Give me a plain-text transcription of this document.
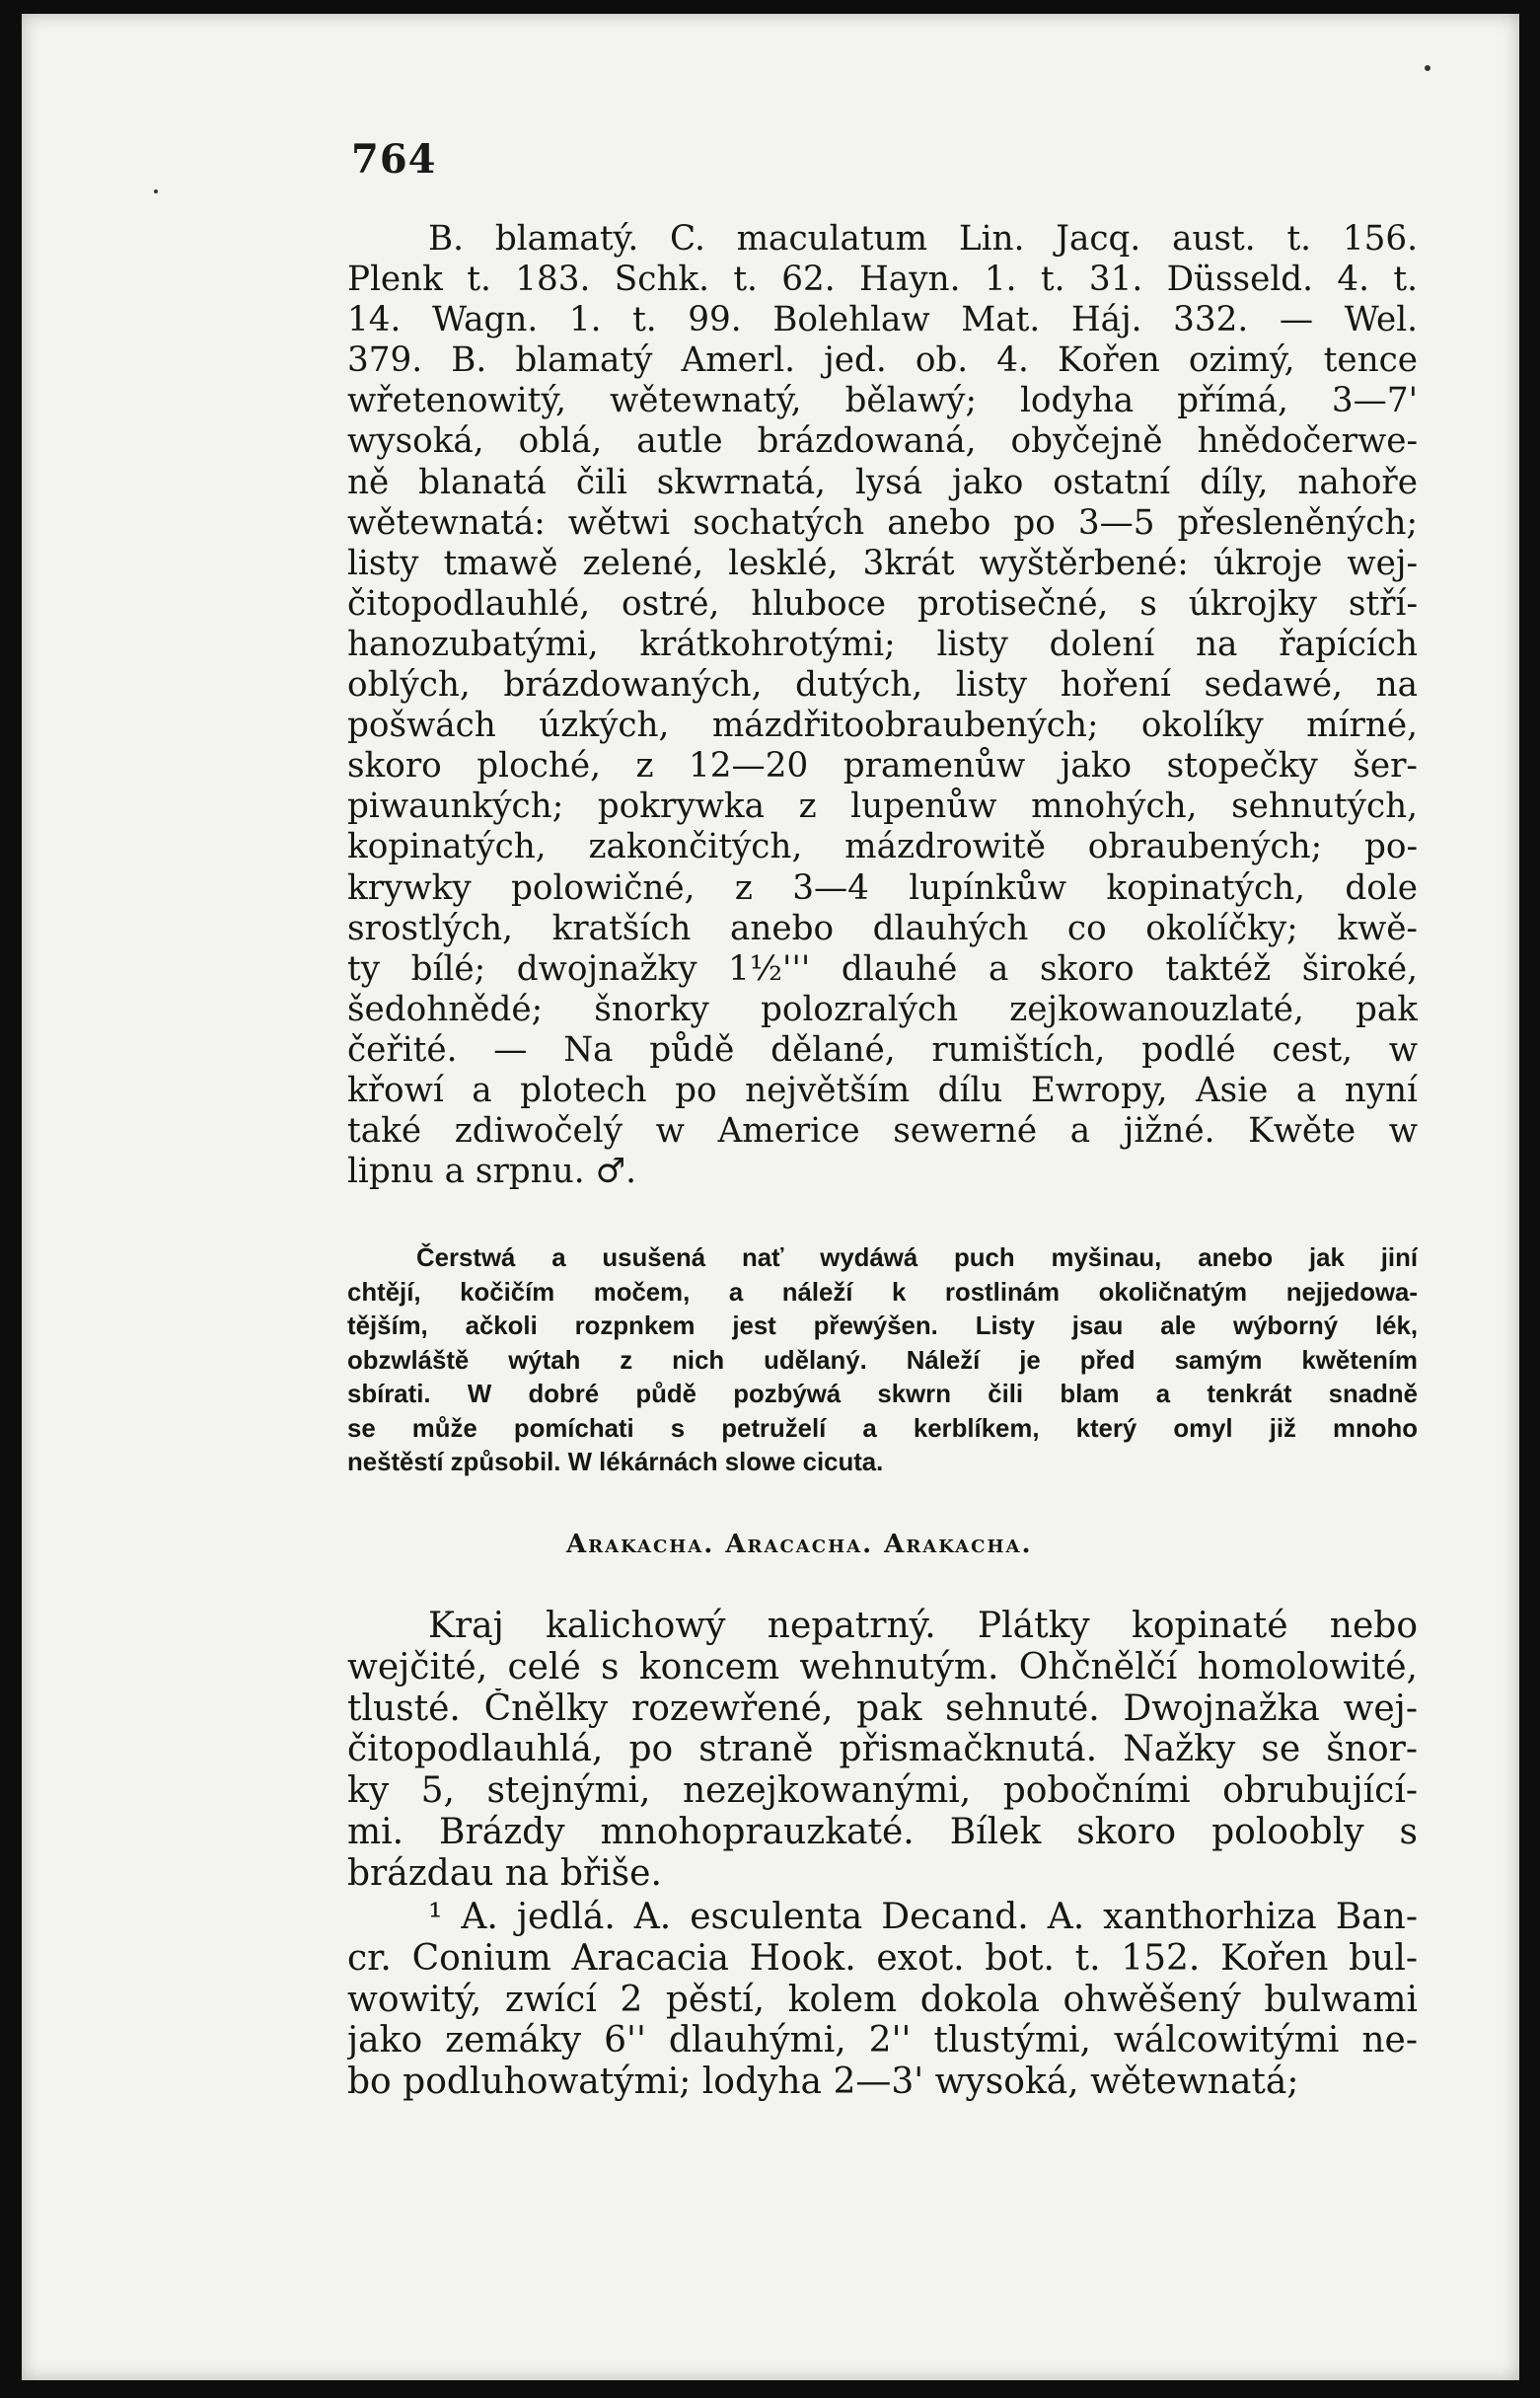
764
B. blamatý. C. maculatum Lin. Jacq. aust. t. 156.
Plenk t. 183. Schk. t. 62. Hayn. 1. t. 31. Düsseld. 4. t.
14. Wagn. 1. t. 99. Bolehlaw Mat. Háj. 332. — Wel.
379. B. blamatý Amerl. jed. ob. 4. Kořen ozimý, tence
wřetenowitý, wětewnatý, bělawý; lodyha přímá, 3—7'
wysoká, oblá, autle brázdowaná, obyčejně hnědočerwe-
ně blanatá čili skwrnatá, lysá jako ostatní díly, nahoře
wětewnatá: wětwi sochatých anebo po 3—5 přesleněných;
listy tmawě zelené, lesklé, 3krát wyštěrbené: úkroje wej-
čitopodlauhlé, ostré, hluboce protisečné, s úkrojky stří-
hanozubatými, krátkohrotými; listy dolení na řapících
oblých, brázdowaných, dutých, listy hoření sedawé, na
pošwách úzkých, mázdřitoobraubených; okolíky mírné,
skoro ploché, z 12—20 pramenůw jako stopečky šer-
piwaunkých; pokrywka z lupenůw mnohých, sehnutých,
kopinatých, zakončitých, mázdrowitě obraubených; po-
krywky polowičné, z 3—4 lupínkůw kopinatých, dole
srostlých, kratších anebo dlauhých co okolíčky; kwě-
ty bílé; dwojnažky 1½''' dlauhé a skoro taktéž široké,
šedohnědé; šnorky polozralých zejkowanouzlaté, pak
čeřité. — Na půdě dělané, rumištích, podlé cest, w
křowí a plotech po největším dílu Ewropy, Asie a nyní
také zdiwočelý w Americe sewerné a jižné. Kwěte w
lipnu a srpnu. ♂.
Čerstwá a usušená nať wydáwá puch myšinau, anebo jak jiní
chtějí, kočičím močem, a náleží k rostlinám okoličnatým nejjedowa-
tějším, ačkoli rozpnkem jest přewýšen. Listy jsau ale wýborný lék,
obzwláště wýtah z nich udělaný. Náleží je před samým kwětením
sbírati. W dobré půdě pozbýwá skwrn čili blam a tenkrát snadně
se může pomíchati s petruželí a kerblíkem, který omyl již mnoho
neštěstí způsobil. W lékárnách slowe cicuta.
Arakacha. Aracacha. Arakacha.
Kraj kalichowý nepatrný. Plátky kopinaté nebo
wejčité, celé s koncem wehnutým. Ohčnělčí homolowité,
tlusté. Čnělky rozewřené, pak sehnuté. Dwojnažka wej-
čitopodlauhlá, po straně přismačknutá. Nažky se šnor-
ky 5, stejnými, nezejkowanými, pobočními obrubující-
mi. Brázdy mnohoprauzkaté. Bílek skoro poloobly s
brázdau na břiše.
¹ A. jedlá. A. esculenta Decand. A. xanthorhiza Ban-
cr. Conium Aracacia Hook. exot. bot. t. 152. Kořen bul-
wowitý, zwící 2 pěstí, kolem dokola ohwěšený bulwami
jako zemáky 6'' dlauhými, 2'' tlustými, wálcowitými ne-
bo podluhowatými; lodyha 2—3' wysoká, wětewnatá;
